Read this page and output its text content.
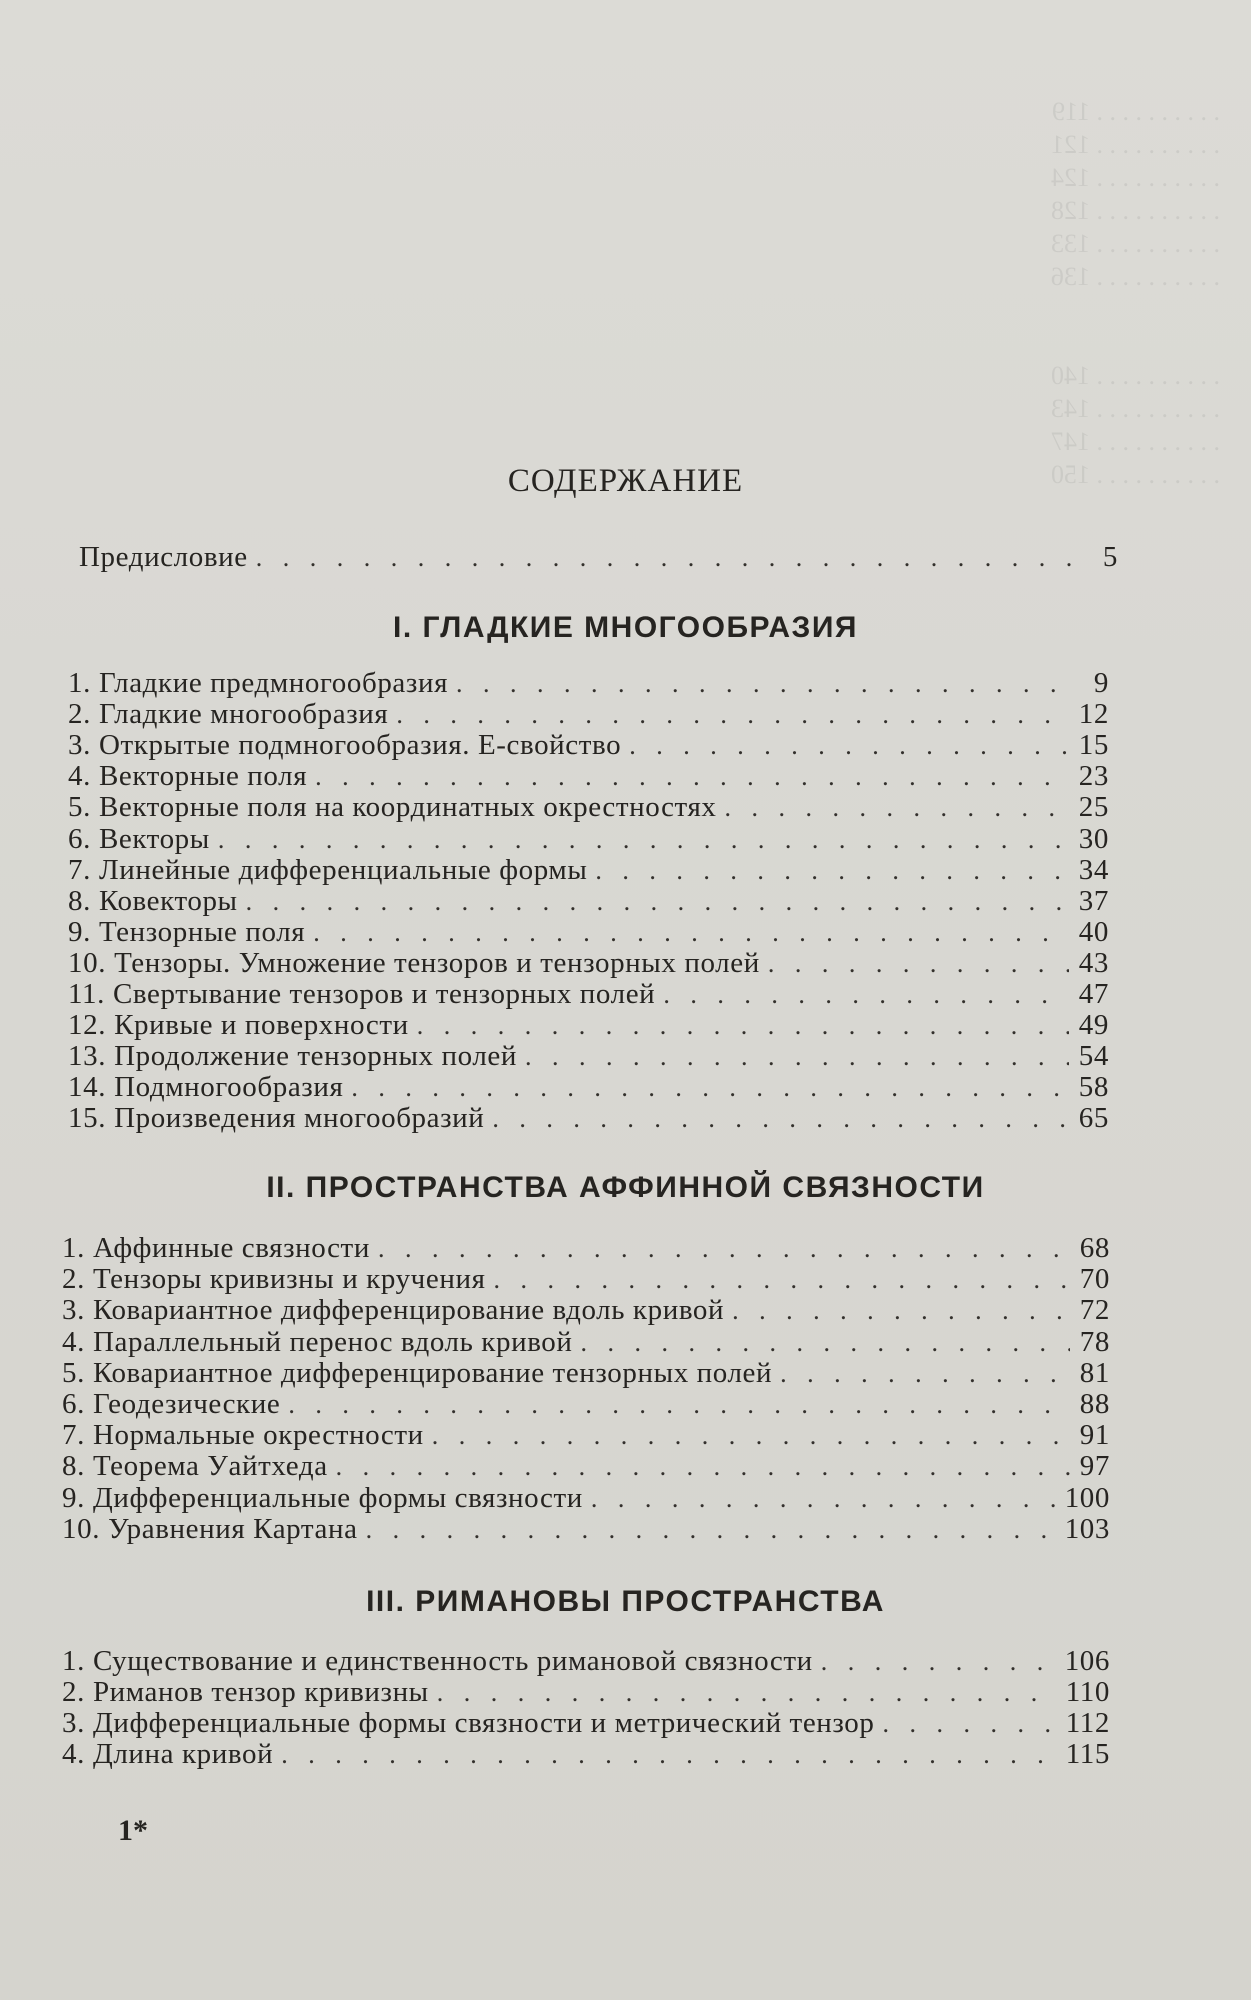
. . . . . . . . . . 119
. . . . . . . . . . 121
. . . . . . . . . . 124
. . . . . . . . . . 128
. . . . . . . . . . 133
. . . . . . . . . . 136

. . . . . . . . . . 140
. . . . . . . . . . 143
. . . . . . . . . . 147
. . . . . . . . . . 150
СОДЕРЖАНИЕ
Предисловие . . .	5
I. ГЛАДКИЕ МНОГООБРАЗИЯ
1. Гладкие предмногообразия . . .	9
2. Гладкие многообразия . . .	12
3. Открытые подмногообразия. E-свойство . . .	15
4. Векторные поля . . .	23
5. Векторные поля на координатных окрестностях . . .	25
6. Векторы . . .	30
7. Линейные дифференциальные формы . . .	34
8. Ковекторы . . .	37
9. Тензорные поля . . .	40
10. Тензоры. Умножение тензоров и тензорных полей . . .	43
11. Свертывание тензоров и тензорных полей . . .	47
12. Кривые и поверхности . . .	49
13. Продолжение тензорных полей . . .	54
14. Подмногообразия . . .	58
15. Произведения многообразий . . .	65
II. ПРОСТРАНСТВА АФФИННОЙ СВЯЗНОСТИ
1. Аффинные связности . . .	68
2. Тензоры кривизны и кручения . . .	70
3. Ковариантное дифференцирование вдоль кривой . . .	72
4. Параллельный перенос вдоль кривой . . .	78
5. Ковариантное дифференцирование тензорных полей . . .	81
6. Геодезические . . .	88
7. Нормальные окрестности . . .	91
8. Теорема Уайтхеда . . .	97
9. Дифференциальные формы связности . . .	100
10. Уравнения Картана . . .	103
III. РИМАНОВЫ ПРОСТРАНСТВА
1. Существование и единственность римановой связности . . .	106
2. Риманов тензор кривизны . . .	110
3. Дифференциальные формы связности и метрический тензор . . .	112
4. Длина кривой . . .	115
1*
